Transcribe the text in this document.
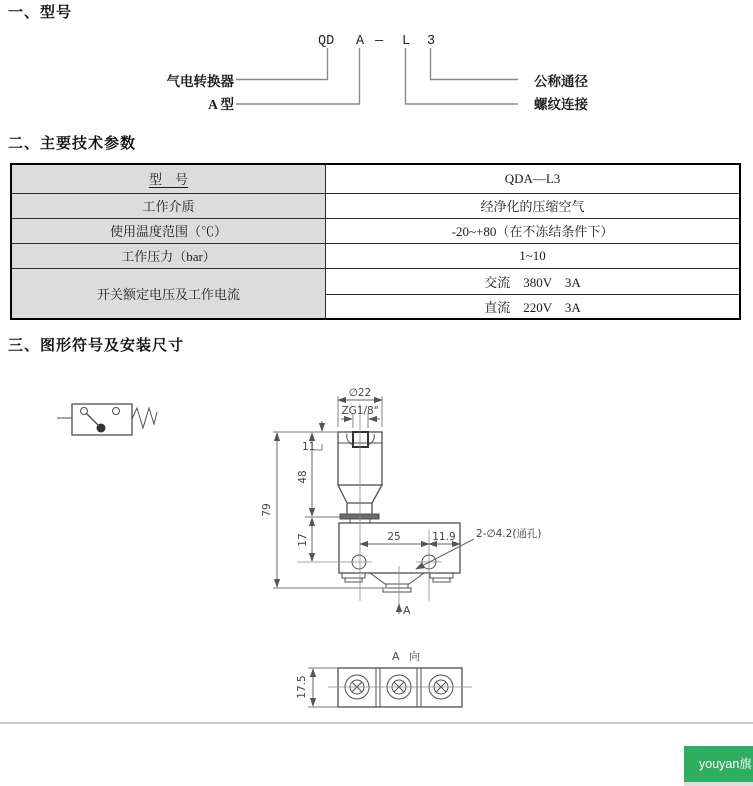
一、型号
二、主要技术参数
三、图形符号及安装尺寸
QD A — L 3
气电转换器
A 型
公称通径
螺纹连接
型　号	QDA—L3
工作介质	经净化的压缩空气
使用温度范围（℃）	-20~+80（在不冻结条件下）
工作压力（bar）	1~10
开关额定电压及工作电流	交流　380V　3A
	直流　220V　3A
∅22
ZG1/8"
11
48
79
17	25	11.9 2-∅4.2(通孔)
A
A 向
17.5
youyan旗
